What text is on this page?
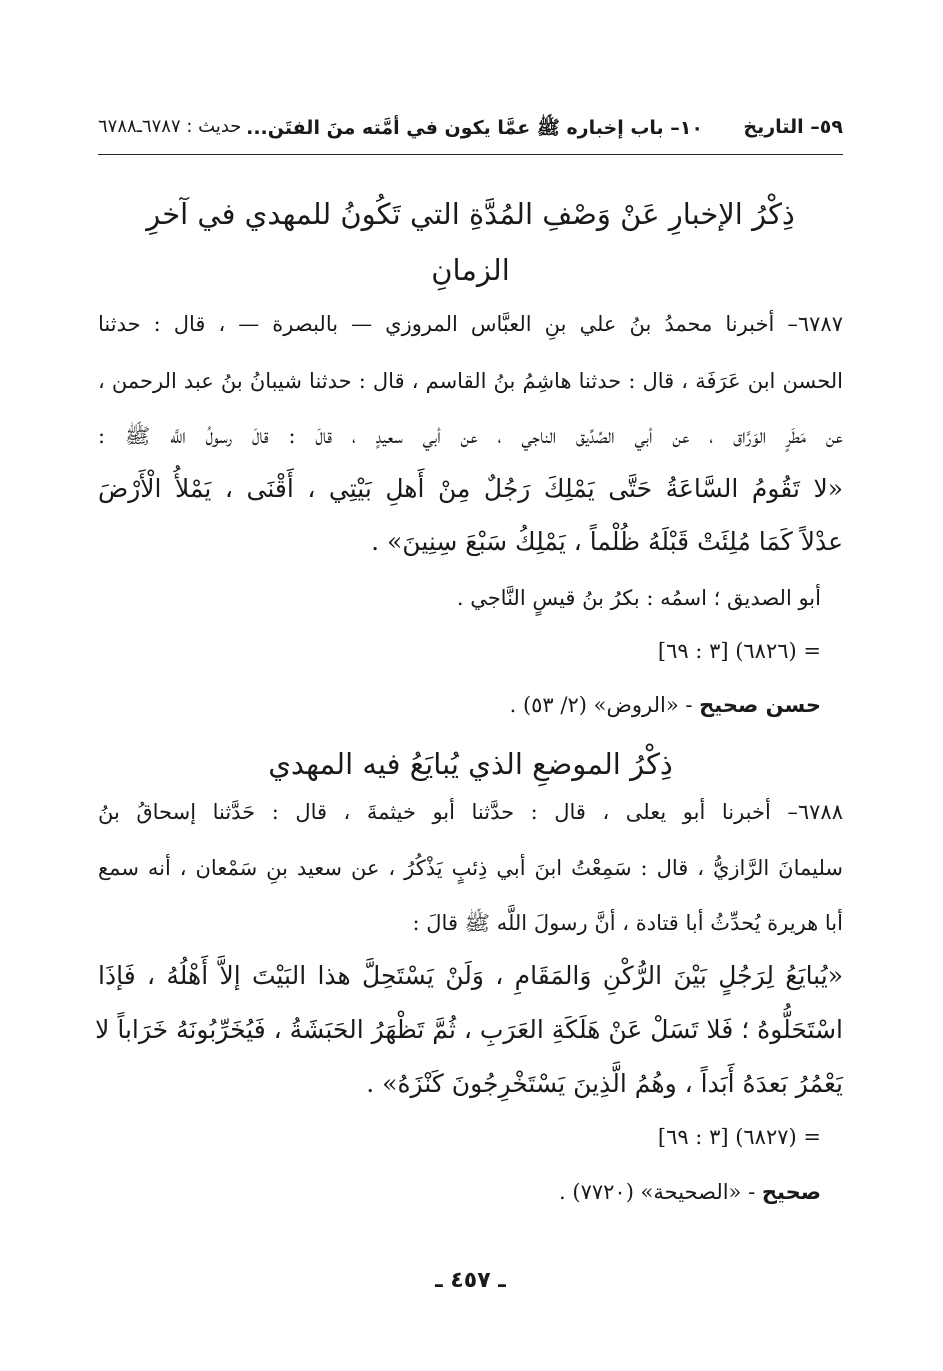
٥٩– التاريخ
١٠– باب إخباره ﷺ عمَّا يكون في أمَّته منَ الفتَن...
حديث : ٦٧٨٧ـ٦٧٨٨
ذِكْرُ الإخبارِ عَنْ وَصْفِ المُدَّةِ التي تَكُونُ للمهدي في آخرِ
الزمانِ
٦٧٨٧– أخبرنا محمدُ بنُ علي بنِ العبَّاس المروزي — بالبصرة — ، قال : حدثنا
الحسن ابن عَرَفَة ، قال : حدثنا هاشِمُ بنُ القاسم ، قال : حدثنا شيبانُ بنُ عبد الرحمن ،
عن مَطَرٍ الوَرَّاق ، عن أبي الصِّدِّيق الناجي ، عن أبي سعيدٍ ، قالَ : قالَ رسولُ اللَّه ﷺ :
«لا تَقُومُ السَّاعَةُ حَتَّى يَمْلِكَ رَجُلٌ مِنْ أَهلِ بَيْتِي ، أَقْنَى ، يَمْلأُ الْأَرْضَ
عدْلاً كَمَا مُلِئَتْ قَبْلَهُ ظُلْماً ، يَمْلِكُ سَبْعَ سِنِينَ» .
أبو الصديق ؛ اسمُه : بكرُ بنُ قيسٍ النَّاجي .
= (٦٨٢٦) [٣ : ٦٩]
حسن صحيح - «الروض» (٢/ ٥٣) .
ذِكْرُ الموضعِ الذي يُبايَعُ فيه المهدي
٦٧٨٨– أخبرنا أبو يعلى ، قال : حدَّثنا أبو خيثمةَ ، قال : حَدَّثنا إسحاقُ بنُ
سليمانَ الرَّازيُّ ، قال : سَمِعْتُ ابنَ أبي ذِئبٍ يَذْكُرُ ، عن سعيد بنِ سَمْعان ، أنه سمع
أبا هريرة يُحدِّثُ أبا قتادة ، أنَّ رسولَ اللَّه ﷺ قالَ :
«يُبايَعُ لِرَجُلٍ بَيْنَ الرُّكْنِ وَالمَقَامِ ، وَلَنْ يَسْتَحِلَّ هذا البَيْتَ إلاَّ أَهْلُهُ ، فَإذَا
اسْتَحَلُّوهُ ؛ فَلا تَسَلْ عَنْ هَلَكَةِ العَرَبِ ، ثُمَّ تَظْهَرُ الحَبَشَةُ ، فَيُخَرِّبُونَهُ خَرَاباً لا
يَعْمُرُ بَعدَهُ أَبَداً ، وهُمُ الَّذِينَ يَسْتَخْرِجُونَ كَنْزَهُ» .
= (٦٨٢٧) [٣ : ٦٩]
صحيح - «الصحيحة» (٧٧٢٠) .
ـ ٤٥٧ ـ
